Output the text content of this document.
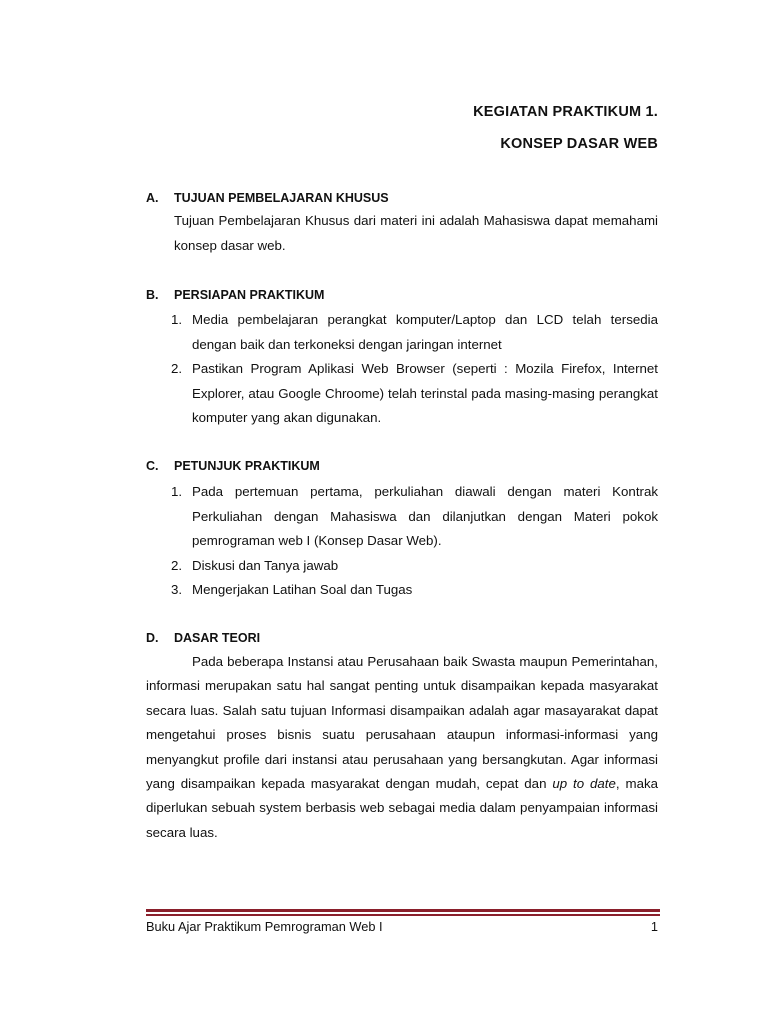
KEGIATAN PRAKTIKUM 1.
KONSEP DASAR WEB
A. TUJUAN PEMBELAJARAN KHUSUS

Tujuan Pembelajaran Khusus dari materi ini adalah Mahasiswa dapat memahami

konsep dasar web.

B. PERSIAPAN PRAKTIKUM
1. Media pembelajaran perangkat komputer/Laptop dan LCD telah tersedia dengan baik dan terkoneksi dengan jaringan internet
2. Pastikan Program Aplikasi Web Browser (seperti : Mozila Firefox, Internet Explorer, atau Google Chroome) telah terinstal pada masing-masing perangkat komputer yang akan digunakan.
C. PETUNJUK PRAKTIKUM
1. Pada pertemuan pertama, perkuliahan diawali dengan materi Kontrak Perkuliahan dengan Mahasiswa dan dilanjutkan dengan Materi pokok pemrograman web I (Konsep Dasar Web).
2. Diskusi dan Tanya jawab
3. Mengerjakan Latihan Soal dan Tugas
D. DASAR TEORI
Pada beberapa Instansi atau Perusahaan baik Swasta maupun Pemerintahan, informasi merupakan satu hal sangat penting untuk disampaikan kepada masyarakat secara luas. Salah satu tujuan Informasi disampaikan adalah agar masayarakat dapat mengetahui proses bisnis suatu perusahaan ataupun informasi-informasi yang menyangkut profile dari instansi atau perusahaan yang bersangkutan. Agar informasi yang disampaikan kepada masyarakat dengan mudah, cepat dan up to date, maka diperlukan sebuah system berbasis web sebagai media dalam penyampaian informasi secara luas.
Buku Ajar Praktikum Pemrograman Web I	1
